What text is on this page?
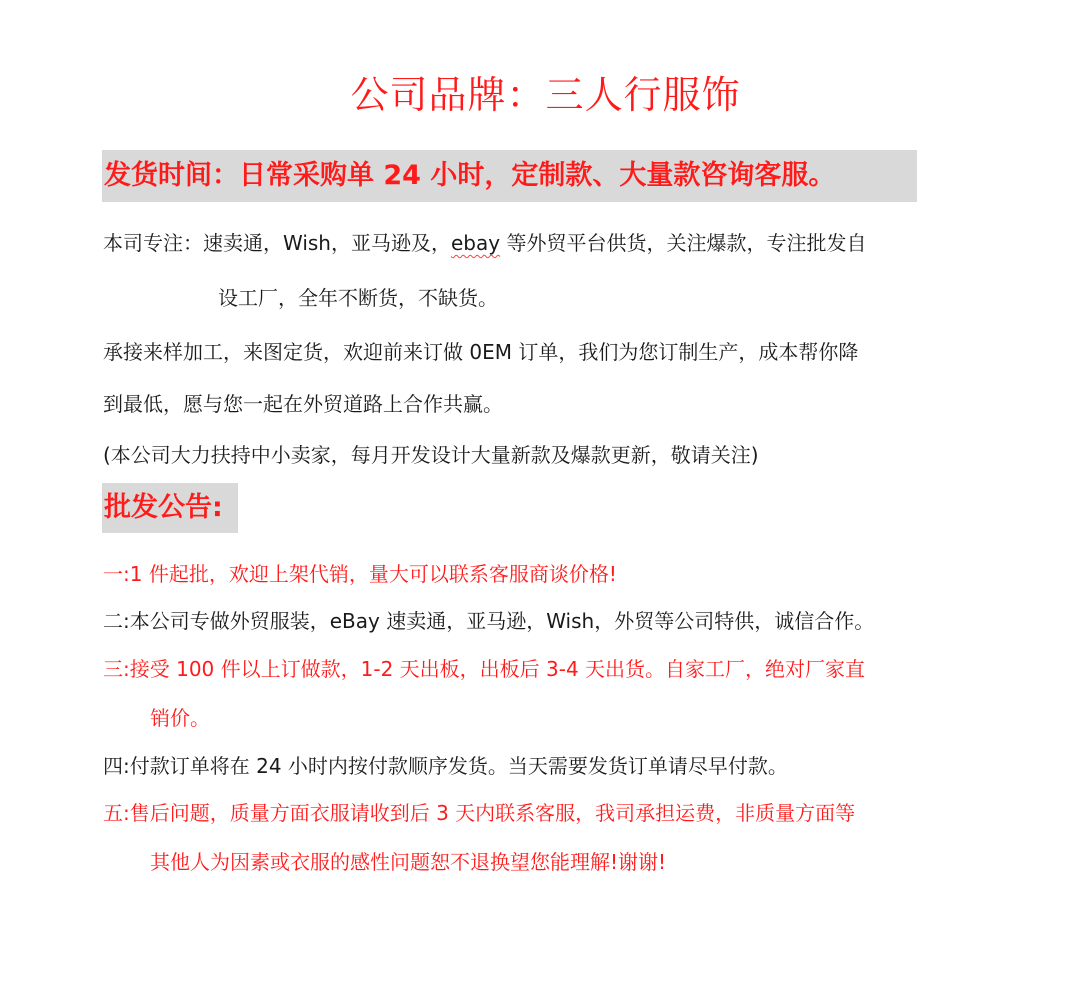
公司品牌：三人行服饰
发货时间：日常采购单 24 小时，定制款、大量款咨询客服。
本司专注：速卖通，Wish，亚马逊及，ebay 等外贸平台供货，关注爆款，专注批发自
设工厂，全年不断货，不缺货。
承接来样加工，来图定货，欢迎前来订做 0EM 订单，我们为您订制生产，成本帮你降
到最低，愿与您一起在外贸道路上合作共赢。
(本公司大力扶持中小卖家，每月开发设计大量新款及爆款更新，敬请关注)
批发公告:
一:1 件起批，欢迎上架代销，量大可以联系客服商谈价格!
二:本公司专做外贸服装，eBay 速卖通，亚马逊，Wish，外贸等公司特供，诚信合作。
三:接受 100 件以上订做款，1-2 天出板，出板后 3-4 天出货。自家工厂，绝对厂家直
销价。
四:付款订单将在 24 小时内按付款顺序发货。当天需要发货订单请尽早付款。
五:售后问题，质量方面衣服请收到后 3 天内联系客服，我司承担运费，非质量方面等
其他人为因素或衣服的感性问题恕不退换望您能理解!谢谢!
